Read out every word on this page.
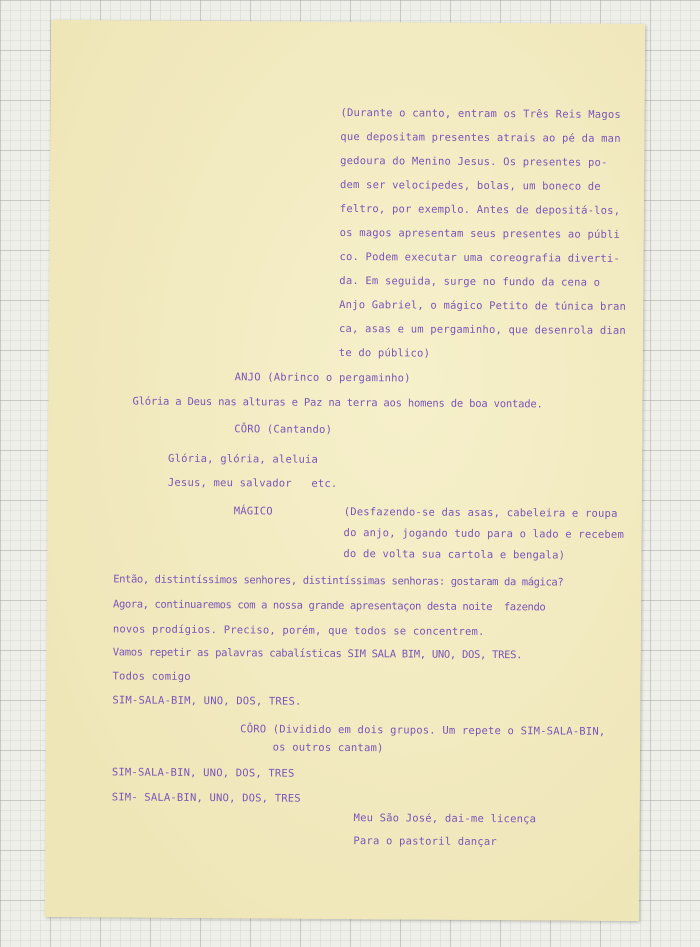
(Durante o canto, entram os Três Reis Magos
que depositam presentes atrais ao pé da man
gedoura do Menino Jesus. Os presentes po-
dem ser velocipedes, bolas, um boneco de
feltro, por exemplo. Antes de depositá-los,
os magos apresentam seus presentes ao públi
co. Podem executar uma coreografia diverti-
da. Em seguida, surge no fundo da cena o
Anjo Gabriel, o mágico Petito de túnica bran
ca, asas e um pergaminho, que desenrola dian
te do público)
ANJO (Abrinco o pergaminho)
Glória a Deus nas alturas e Paz na terra aos homens de boa vontade.
CÔRO (Cantando)
Glória, glória, aleluia
Jesus, meu salvador   etc.
MÁGICO	(Desfazendo-se das asas, cabeleira e roupa
do anjo, jogando tudo para o lado e recebem
do de volta sua cartola e bengala)
Então, distintíssimos senhores, distintíssimas senhoras: gostaram da mágica?
Agora, continuaremos com a nossa grande apresentaçon desta noite  fazendo
novos prodígios. Preciso, porém, que todos se concentrem.
Vamos repetir as palavras cabalísticas SIM SALA BIM, UNO, DOS, TRES.
Todos comigo
SIM-SALA-BIM, UNO, DOS, TRES.
CÔRO (Dividido em dois grupos. Um repete o SIM-SALA-BIN,
os outros cantam)
SIM-SALA-BIN, UNO, DOS, TRES
SIM- SALA-BIN, UNO, DOS, TRES
Meu São José, dai-me licença
Para o pastoril dançar
